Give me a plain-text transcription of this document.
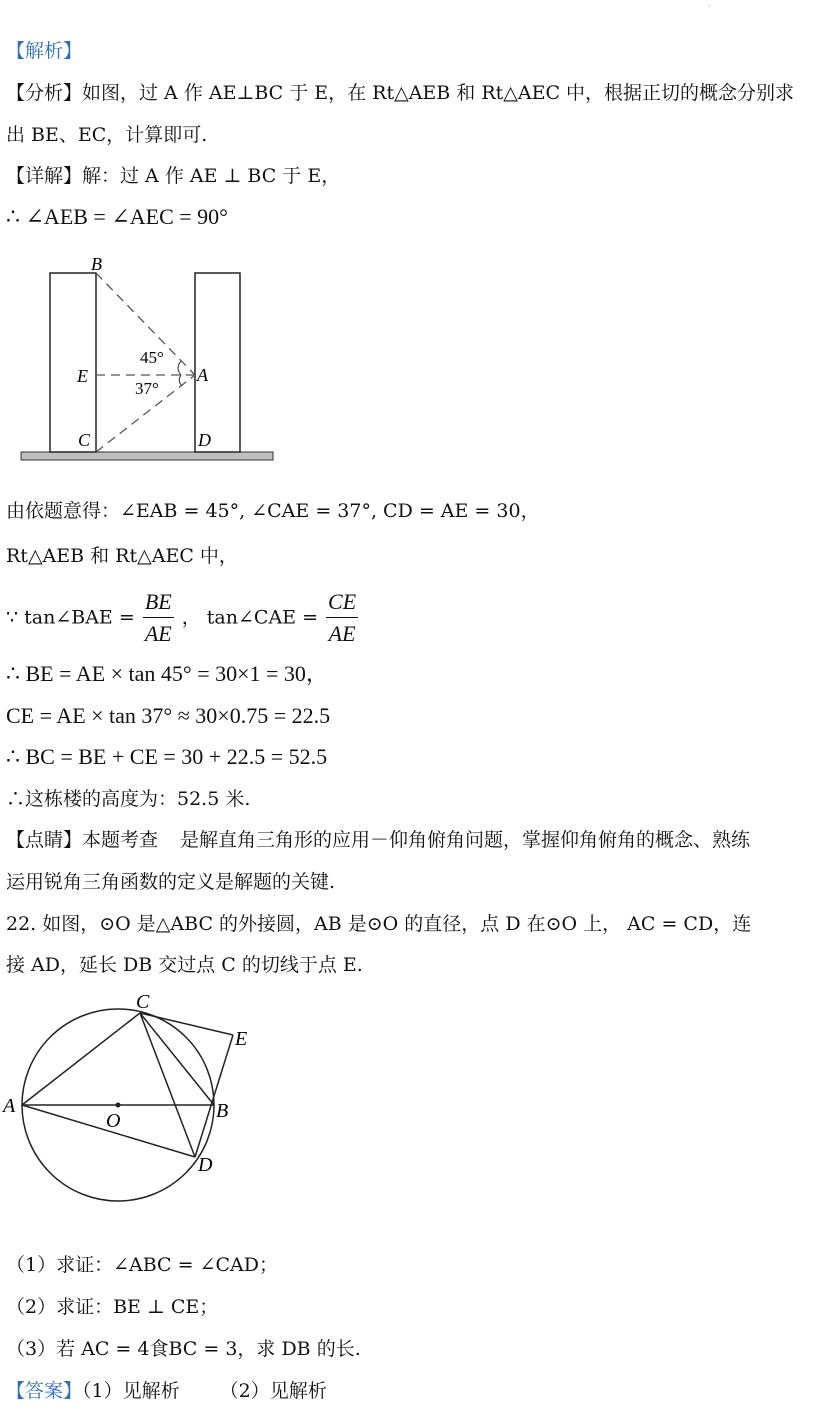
·
【解析】
【分析】如图，过 A 作 AE⊥BC 于 E，在 Rt△AEB 和 Rt△AEC 中，根据正切的概念分别求
出 BE、EC，计算即可.
【详解】解：过 A 作 AE ⊥ BC 于 E，
∴ ∠AEB = ∠AEC = 90°
B
E
C
A
D
45°
37°
由依题意得：∠EAB = 45°, ∠CAE = 37°, CD = AE = 30，
Rt△AEB 和 Rt△AEC 中，
∵ tan∠BAE = $\frac{BE}{AE}$ ， tan∠CAE = $\frac{CE}{AE}$
∴ BE = AE × tan 45° = 30×1 = 30，
CE = AE × tan 37° ≈ 30×0.75 = 22.5
∴ BC = BE + CE = 30 + 22.5 = 52.5
∴这栋楼的高度为：52.5 米.
【点睛】本题考查 是解直角三角形的应用－仰角俯角问题，掌握仰角俯角的概念、熟练
运用锐角三角函数的定义是解题的关键.
22. 如图，⊙O 是△ABC 的外接圆，AB 是⊙O 的直径，点 D 在⊙O 上， AC = CD，连
接 AD，延长 DB 交过点 C 的切线于点 E.
A	B
C
D
E
O
（1）求证：∠ABC = ∠CAD；
（2）求证：BE ⊥ CE；
（3）若 AC = 4食BC = 3，求 DB 的长.
【答案】（1）见解析 （2）见解析
